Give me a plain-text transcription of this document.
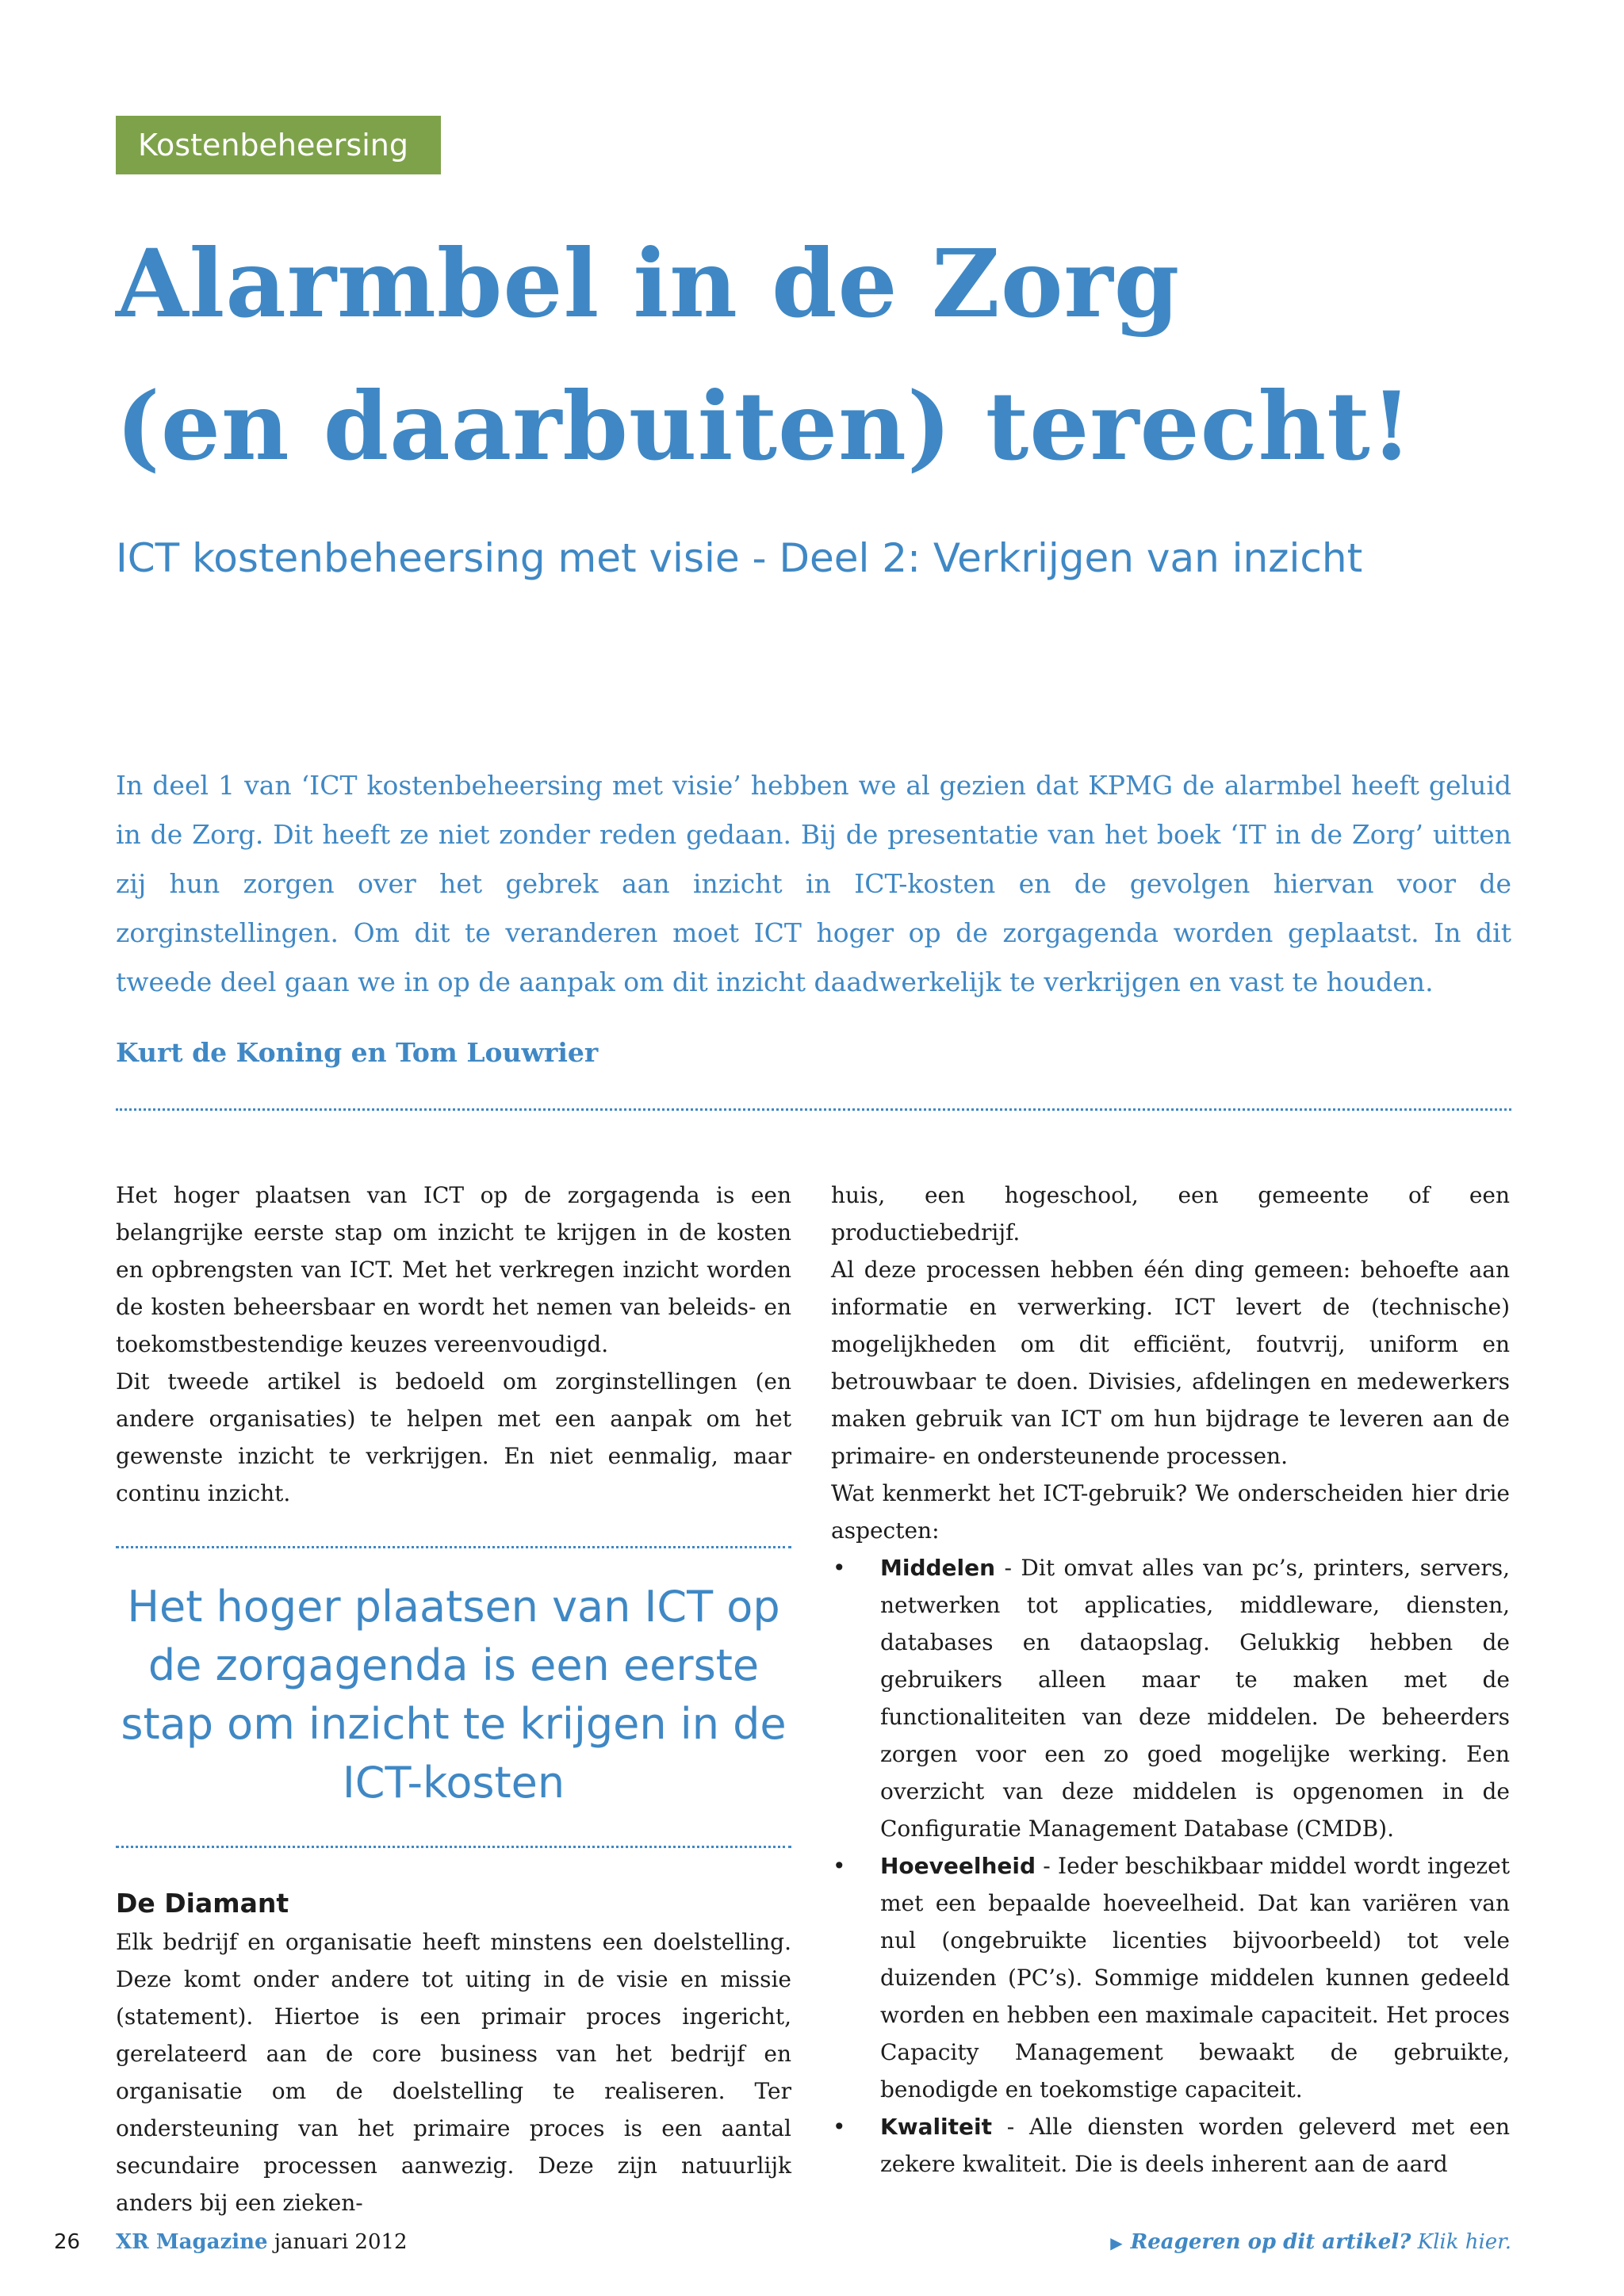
Kostenbeheersing
Alarmbel in de Zorg
(en daarbuiten) terecht!
ICT kostenbeheersing met visie - Deel 2: Verkrijgen van inzicht

In deel 1 van ‘ICT kostenbeheersing met visie’ hebben we al gezien dat KPMG de alarmbel heeft geluid in de Zorg. Dit heeft ze niet zonder reden gedaan. Bij de presentatie van het boek ‘IT in de Zorg’ uitten zij hun zorgen over het gebrek aan inzicht in ICT-kosten en de gevolgen hiervan voor de zorginstellingen. Om dit te veranderen moet ICT hoger op de zorgagenda worden geplaatst. In dit tweede deel gaan we in op de aanpak om dit inzicht daadwerkelijk te verkrijgen en vast te houden.

Kurt de Koning en Tom Louwrier

Het hoger plaatsen van ICT op de zorgagenda is een belangrijke eerste stap om inzicht te krijgen in de kosten en opbrengsten van ICT. Met het verkregen inzicht worden de kosten beheersbaar en wordt het nemen van beleids- en toekomstbestendige keuzes vereenvoudigd.

Dit tweede artikel is bedoeld om zorginstellingen (en andere organisaties) te helpen met een aanpak om het gewenste inzicht te verkrijgen. En niet eenmalig, maar continu inzicht.

Het hoger plaatsen van ICT op de zorgagenda is een eerste stap om inzicht te krijgen in de ICT-kosten
De Diamant

Elk bedrijf en organisatie heeft minstens een doelstelling. Deze komt onder andere tot uiting in de visie en missie (statement). Hiertoe is een primair proces ingericht, gerelateerd aan de core business van het bedrijf en organisatie om de doelstelling te realiseren. Ter ondersteuning van het primaire proces is een aantal secundaire processen aanwezig. Deze zijn natuurlijk anders bij een zieken-

huis, een hogeschool, een gemeente of een productiebedrijf.

Al deze processen hebben één ding gemeen: behoefte aan informatie en verwerking. ICT levert de (technische) mogelijkheden om dit efficiënt, foutvrij, uniform en betrouwbaar te doen. Divisies, afdelingen en medewerkers maken gebruik van ICT om hun bijdrage te leveren aan de primaire- en ondersteunende processen.

Wat kenmerkt het ICT-gebruik? We onderscheiden hier drie aspecten:

• Middelen - Dit omvat alles van pc’s, printers, servers, netwerken tot applicaties, middleware, diensten, databases en dataopslag. Gelukkig hebben de gebruikers alleen maar te maken met de functionaliteiten van deze middelen. De beheerders zorgen voor een zo goed mogelijke werking. Een overzicht van deze middelen is opgenomen in de Configuratie Management Database (CMDB).
• Hoeveelheid - Ieder beschikbaar middel wordt ingezet met een bepaalde hoeveelheid. Dat kan variëren van nul (ongebruikte licenties bijvoorbeeld) tot vele duizenden (PC’s). Sommige middelen kunnen gedeeld worden en hebben een maximale capaciteit. Het proces Capacity Management bewaakt de gebruikte, benodigde en toekomstige capaciteit.
• Kwaliteit - Alle diensten worden geleverd met een zekere kwaliteit. Die is deels inherent aan de aard
26 XR Magazine januari 2012	▶ Reageren op dit artikel? Klik hier.
